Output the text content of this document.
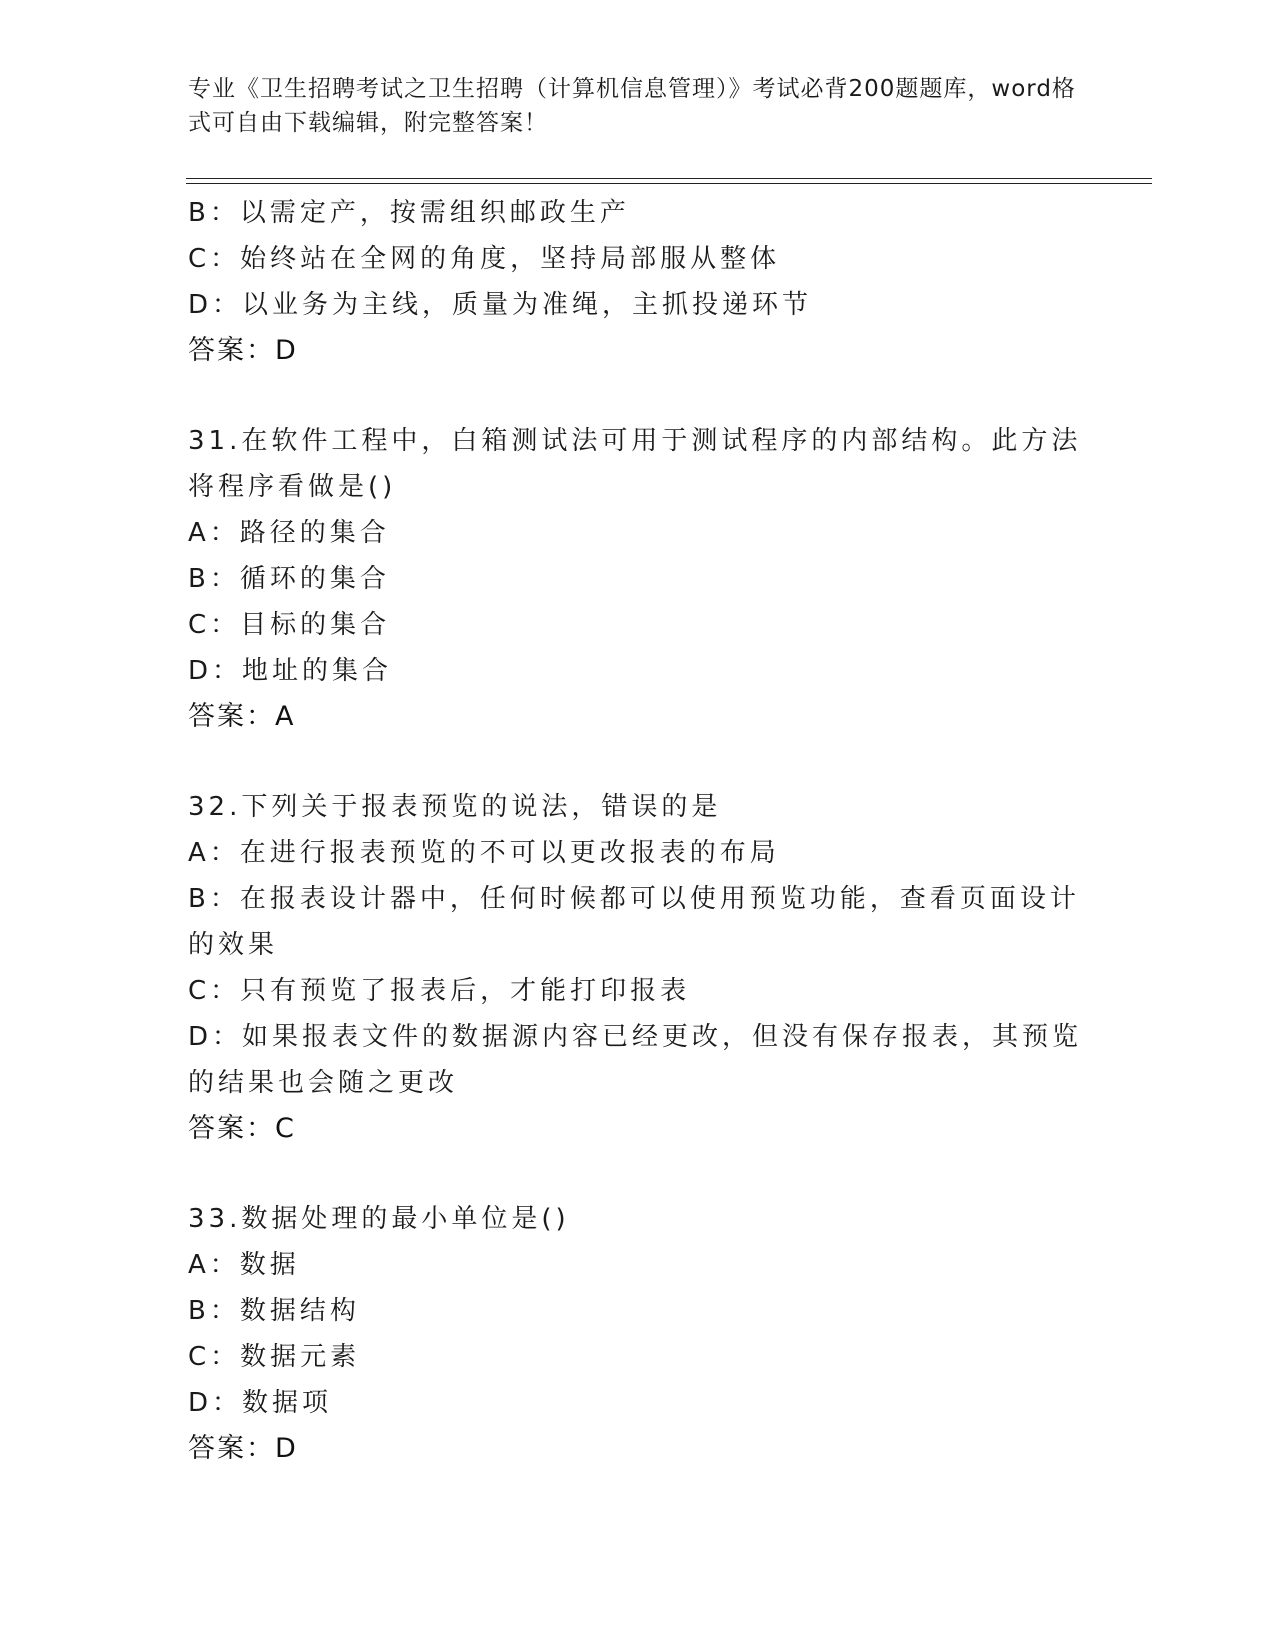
专业《卫生招聘考试之卫生招聘（计算机信息管理）》考试必背200题题库，word格式可自由下载编辑，附完整答案！
B：以需定产，按需组织邮政生产
C：始终站在全网的角度，坚持局部服从整体
D：以业务为主线，质量为准绳，主抓投递环节
答案：D
31.在软件工程中，白箱测试法可用于测试程序的内部结构。此方法将程序看做是()
A：路径的集合
B：循环的集合
C：目标的集合
D：地址的集合
答案：A
32.下列关于报表预览的说法，错误的是
A：在进行报表预览的不可以更改报表的布局
B：在报表设计器中，任何时候都可以使用预览功能，查看页面设计的效果
C：只有预览了报表后，才能打印报表
D：如果报表文件的数据源内容已经更改，但没有保存报表，其预览的结果也会随之更改
答案：C
33.数据处理的最小单位是()
A：数据
B：数据结构
C：数据元素
D：数据项
答案：D
